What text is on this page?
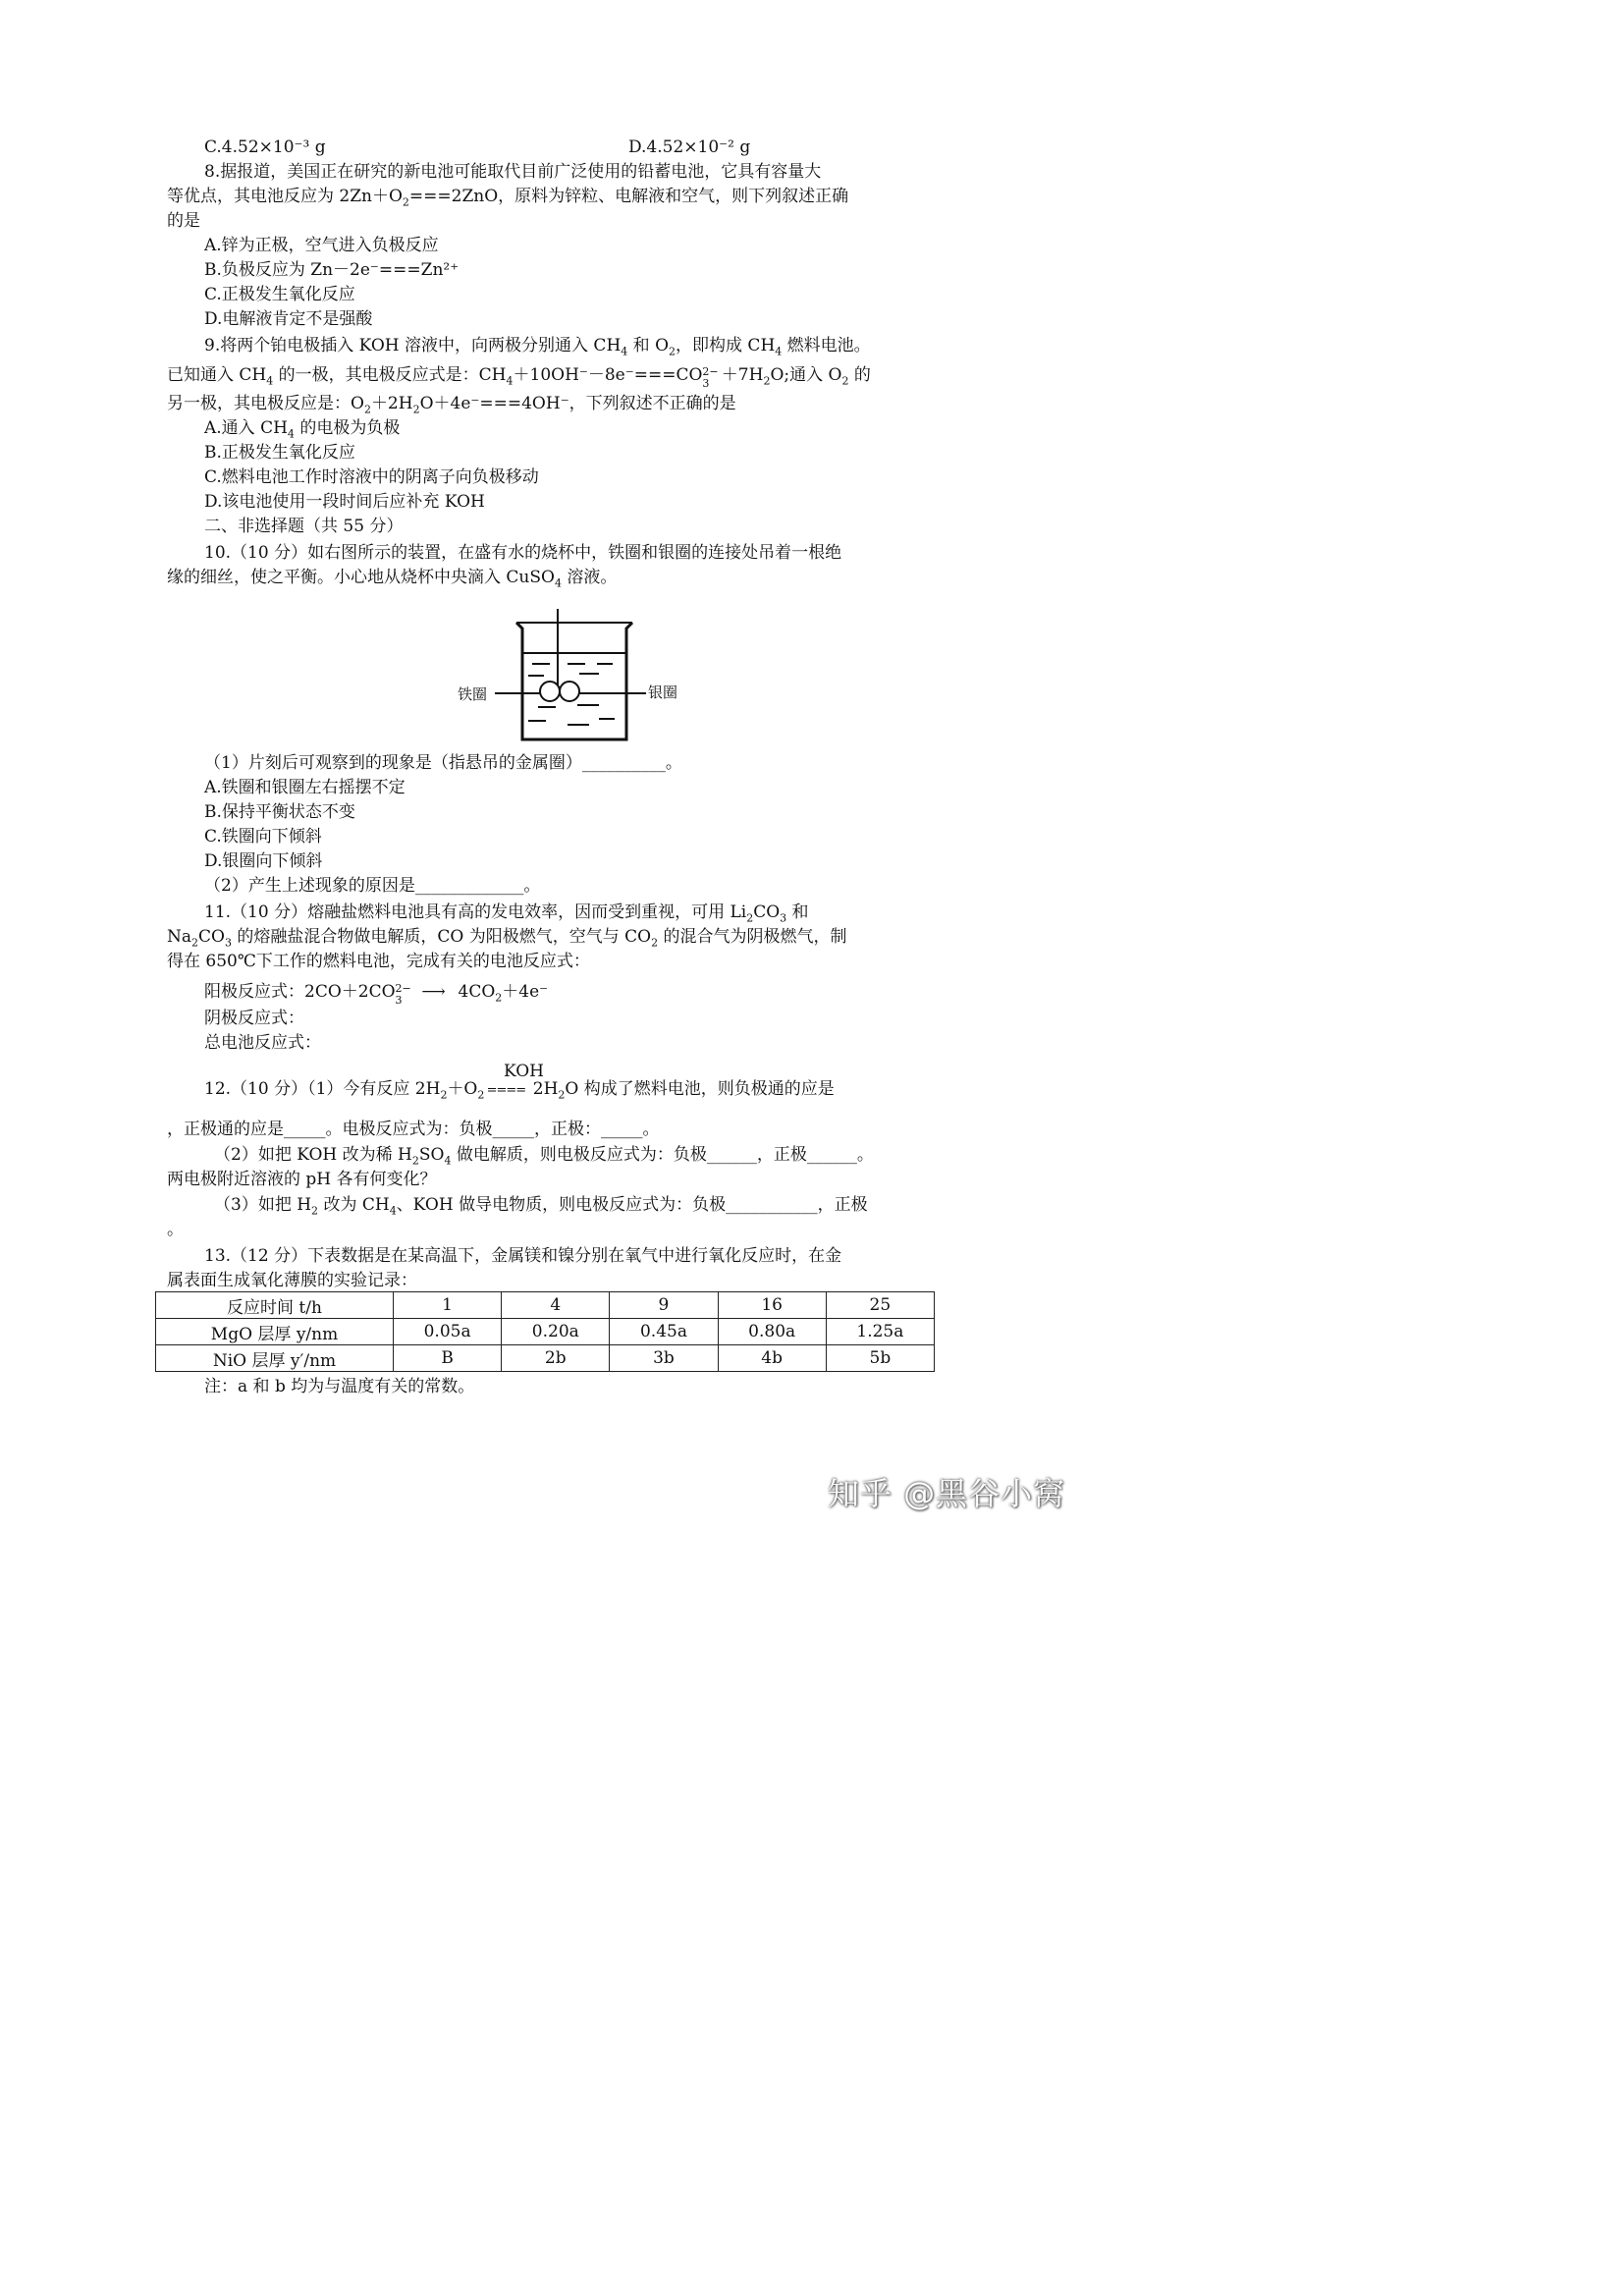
C.4.52×10⁻³ g	D.4.52×10⁻² g
8.据报道，美国正在研究的新电池可能取代目前广泛使用的铅蓄电池，它具有容量大
等优点，其电池反应为 $2Zn+O_2===2ZnO$，原料为锌粒、电解液和空气，则下列叙述正确
的是
A.锌为正极，空气进入负极反应
B.负极反应为 Zn－2e⁻===Zn²⁺
C.正极发生氧化反应
D.电解液肯定不是强酸
9.将两个铂电极插入 KOH 溶液中，向两极分别通入 $CH_4$ 和 $O_2$，即构成 $CH_4$ 燃料电池。
已知通入 $CH_4$ 的一极，其电极反应式是：$CH_4+10OH^--8e^-===CO$ 2−
$3 +7H_2O$;通入 $O_2$ 的
另一极，其电极反应是：$O_2+2H_2O+4e^-===4OH^-$，下列叙述不正确的是
A.通入 $CH_4$ 的电极为负极
B.正极发生氧化反应
C.燃料电池工作时溶液中的阴离子向负极移动
D.该电池使用一段时间后应补充 KOH
二、非选择题（共 55 分）
10.（10 分）如右图所示的装置，在盛有水的烧杯中，铁圈和银圈的连接处吊着一根绝
缘的细丝，使之平衡。小心地从烧杯中央滴入 CuSO$_4$ 溶液。
铁圈	银圈
（1）片刻后可观察到的现象是（指悬吊的金属圈）__________。
A.铁圈和银圈左右摇摆不定
B.保持平衡状态不变
C.铁圈向下倾斜
D.银圈向下倾斜
（2）产生上述现象的原因是_____________。
11.（10 分）熔融盐燃料电池具有高的发电效率，因而受到重视，可用 $Li_2CO_3$ 和
$Na_2CO_3$ 的熔融盐混合物做电解质，CO 为阳极燃气，空气与 $CO_2$ 的混合气为阴极燃气，制
得在 650℃下工作的燃料电池，完成有关的电池反应式：
阳极反应式：2CO＋2CO 2−
3 ⟶ $4CO_2+4e^-$
阴极反应式：
总电池反应式：
KOH
12.（10 分）（1）今有反应 $2H_2+O_2$ ==== $2H_2O$ 构成了燃料电池，则负极通的应是
，正极通的应是_____。电极反应式为：负极_____，正极：_____。
（2）如把 KOH 改为稀 $H_2SO_4$ 做电解质，则电极反应式为：负极______，正极______。
两电极附近溶液的 pH 各有何变化？
（3）如把 $H_2$ 改为 $CH_4$、KOH 做导电物质，则电极反应式为：负极___________，正极
。
13.（12 分）下表数据是在某高温下，金属镁和镍分别在氧气中进行氧化反应时，在金
属表面生成氧化薄膜的实验记录：
反应时间 t/h	1	4	9	16	25
MgO 层厚 y/nm	0.05a	0.20a	0.45a	0.80a	1.25a
NiO 层厚 y′/nm	B	2b	3b	4b	5b
注：a 和 b 均为与温度有关的常数。
知乎 @黑谷小窝
